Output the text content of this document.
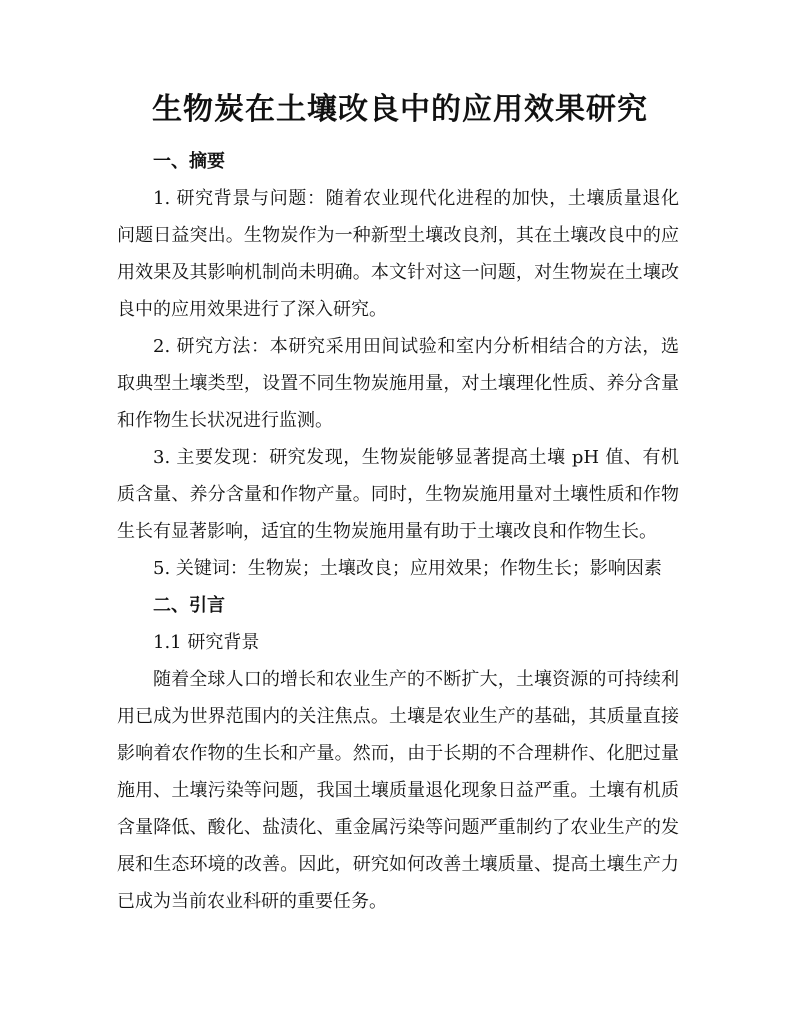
生物炭在土壤改良中的应用效果研究

一、摘要

1. 研究背景与问题：随着农业现代化进程的加快，土壤质量退化问题日益突出。生物炭作为一种新型土壤改良剂，其在土壤改良中的应用效果及其影响机制尚未明确。本文针对这一问题，对生物炭在土壤改良中的应用效果进行了深入研究。

2. 研究方法：本研究采用田间试验和室内分析相结合的方法，选取典型土壤类型，设置不同生物炭施用量，对土壤理化性质、养分含量和作物生长状况进行监测。

3. 主要发现：研究发现，生物炭能够显著提高土壤 pH 值、有机质含量、养分含量和作物产量。同时，生物炭施用量对土壤性质和作物生长有显著影响，适宜的生物炭施用量有助于土壤改良和作物生长。

5. 关键词：生物炭；土壤改良；应用效果；作物生长；影响因素

二、引言

1.1 研究背景

随着全球人口的增长和农业生产的不断扩大，土壤资源的可持续利用已成为世界范围内的关注焦点。土壤是农业生产的基础，其质量直接影响着农作物的生长和产量。然而，由于长期的不合理耕作、化肥过量施用、土壤污染等问题，我国土壤质量退化现象日益严重。土壤有机质含量降低、酸化、盐渍化、重金属污染等问题严重制约了农业生产的发展和生态环境的改善。因此，研究如何改善土壤质量、提高土壤生产力已成为当前农业科研的重要任务。
